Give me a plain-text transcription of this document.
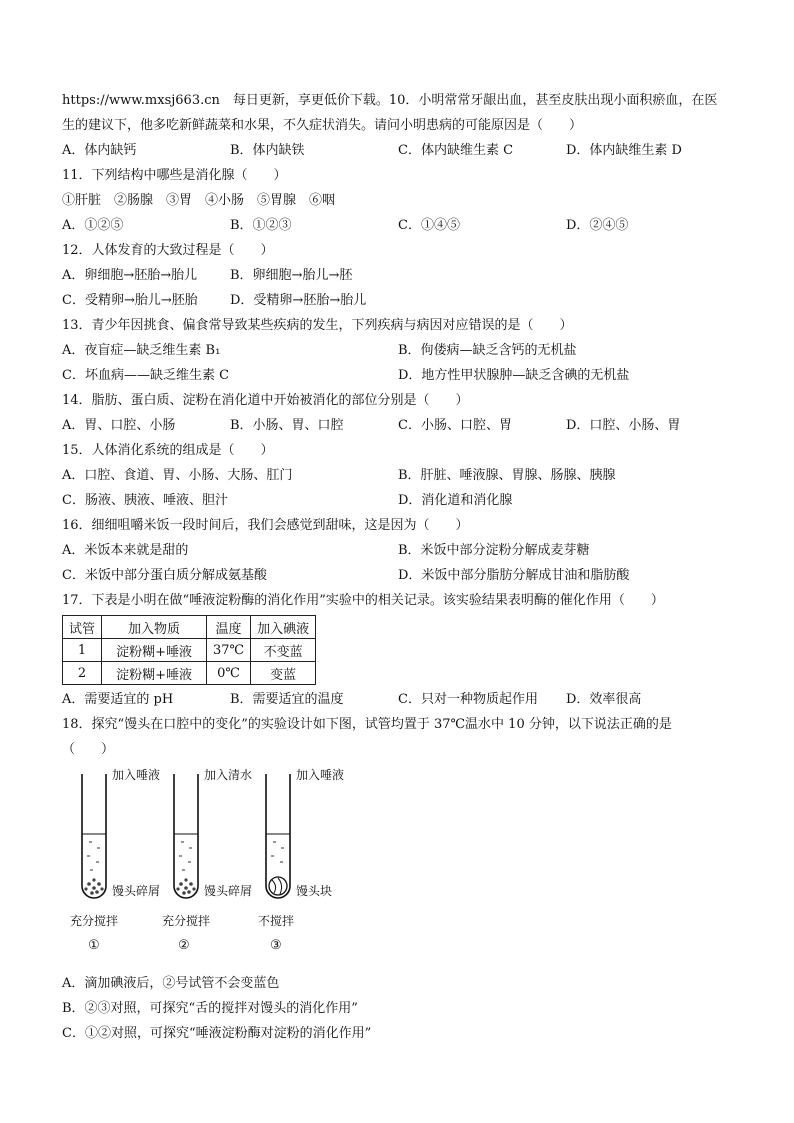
https://www.mxsj663.cn　每日更新，享更低价下载。10．小明常常牙龈出血，甚至皮肤出现小面积瘀血，在医
生的建议下，他多吃新鲜蔬菜和水果，不久症状消失。请问小明患病的可能原因是（　　）
A．体内缺钙	B．体内缺铁	C．体内缺维生素 C	D．体内缺维生素 D
11．下列结构中哪些是消化腺（　　）
①肝脏　②肠腺　③胃　④小肠　⑤胃腺　⑥咽
A．①②⑤	B．①②③	C．①④⑤	D．②④⑤
12．人体发育的大致过程是（　　）
A．卵细胞→胚胎→胎儿	B．卵细胞→胎儿→胚
C．受精卵→胎儿→胚胎 D．受精卵→胚胎→胎儿
13．青少年因挑食、偏食常导致某些疾病的发生，下列疾病与病因对应错误的是（　　）
A．夜盲症—缺乏维生素 B₁	B．佝偻病—缺乏含钙的无机盐
C．坏血病——缺乏维生素 C	D．地方性甲状腺肿—缺乏含碘的无机盐
14．脂肪、蛋白质、淀粉在消化道中开始被消化的部位分别是（　　）
A．胃、口腔、小肠	B．小肠、胃、口腔	C．小肠、口腔、胃	D．口腔、小肠、胃
15．人体消化系统的组成是（　　）
A．口腔、食道、胃、小肠、大肠、肛门	B．肝脏、唾液腺、胃腺、肠腺、胰腺
C．肠液、胰液、唾液、胆汁	D．消化道和消化腺
16．细细咀嚼米饭一段时间后，我们会感觉到甜味，这是因为（　　）
A．米饭本来就是甜的	B．米饭中部分淀粉分解成麦芽糖
C．米饭中部分蛋白质分解成氨基酸	D．米饭中部分脂肪分解成甘油和脂肪酸
17．下表是小明在做“唾液淀粉酶的消化作用”实验中的相关记录。该实验结果表明酶的催化作用（　　）
试管	加入物质	温度	加入碘液
1	淀粉糊+唾液	37℃	不变蓝
2	淀粉糊+唾液	0℃	变蓝
A．需要适宜的 pH	B．需要适宜的温度	C．只对一种物质起作用 D．效率很高
18．探究“馒头在口腔中的变化”的实验设计如下图，试管均置于 37℃温水中 10 分钟，以下说法正确的是
（　　）
加入唾液	加入清水	加入唾液
馒头碎屑	馒头碎屑	馒头块
充分搅拌	充分搅拌	不搅拌
①	②	③
A．滴加碘液后，②号试管不会变蓝色
B．②③对照，可探究“舌的搅拌对馒头的消化作用”
C．①②对照，可探究“唾液淀粉酶对淀粉的消化作用”
